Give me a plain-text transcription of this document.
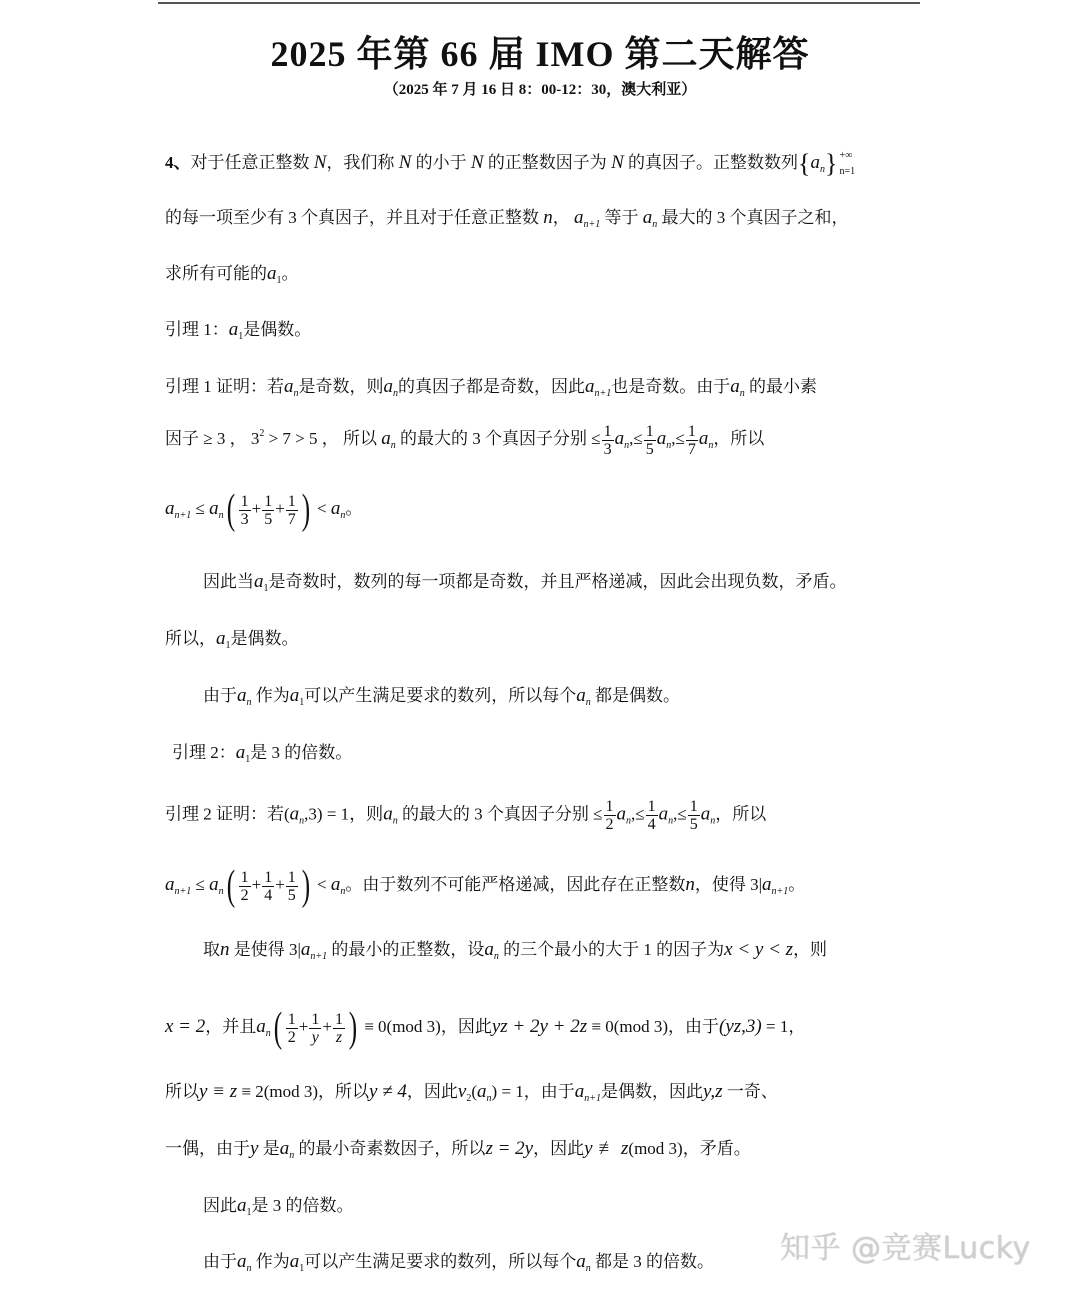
2025 年第 66 届 IMO 第二天解答
（2025 年 7 月 16 日 8：00-12：30，澳大利亚）
4、对于任意正整数 N，我们称 N 的小于 N 的正整数因子为 N 的真因子。正整数数列$\{a_n\}$ +∞
n=1
的每一项至少有 3 个真因子，并且对于任意正整数 n， $a_{n+1}$ 等于 $a_n$ 最大的 3 个真因子之和，
求所有可能的$a_1$。
引理 1：$a_1$是偶数。
引理 1 证明：若$a_n$是奇数，则$a_n$的真因子都是奇数，因此$a_{n+1}$也是奇数。由于$a_n$ 的最小素
因子 ≥ 3 ， $3^2 > 7 > 5$ ， 所以 $a_n$ 的最大的 3 个真因子分别 ≤ $\frac{1}{3} a_n,\le \frac{1}{5} a_n,\le \frac{1}{7} a_n$，所以
$a_{n+1} \le a_n( \frac{1}{3} + \frac{1}{5} + \frac{1}{7}$ ) < $a_n$。
因此当$a_1$是奇数时，数列的每一项都是奇数，并且严格递减，因此会出现负数，矛盾。
所以，$a_1$是偶数。
由于$a_n$ 作为$a_1$可以产生满足要求的数列，所以每个$a_n$ 都是偶数。
引理 2：$a_1$是 3 的倍数。
引理 2 证明：若$(a_n,3) = 1$，则$a_n$ 的最大的 3 个真因子分别 ≤ $\frac{1}{2} a_n,\le \frac{1}{4} a_n,\le \frac{1}{5} a_n$，所以
$a_{n+1} \le a_n( \frac{1}{2} + \frac{1}{4} + \frac{1}{5}$ ) < $a_n$。由于数列不可能严格递减，因此存在正整数n，使得 $3|a_{n+1}$。
取n 是使得 $3|a_{n+1}$ 的最小的正整数，设$a_n$ 的三个最小的大于 1 的因子为x < y < z，则
x = 2，并且$a_n( \frac{1}{2} + \frac{1}{y} + \frac{1}{z}$ ) ≡ 0(mod 3)，因此yz + 2y + 2z ≡ 0(mod 3)，由于(yz,3) = 1，
所以y ≡ z ≡ 2(mod 3)，所以y ≠ 4，因此$v_2(a_n) = 1$，由于$a_{n+1}$是偶数，因此y,z 一奇、
一偶，由于y 是$a_n$ 的最小奇素数因子，所以z = 2y，因此y ≢ z(mod 3)，矛盾。
因此$a_1$是 3 的倍数。
由于$a_n$ 作为$a_1$可以产生满足要求的数列，所以每个$a_n$ 都是 3 的倍数。 知乎 @竞赛Lucky
